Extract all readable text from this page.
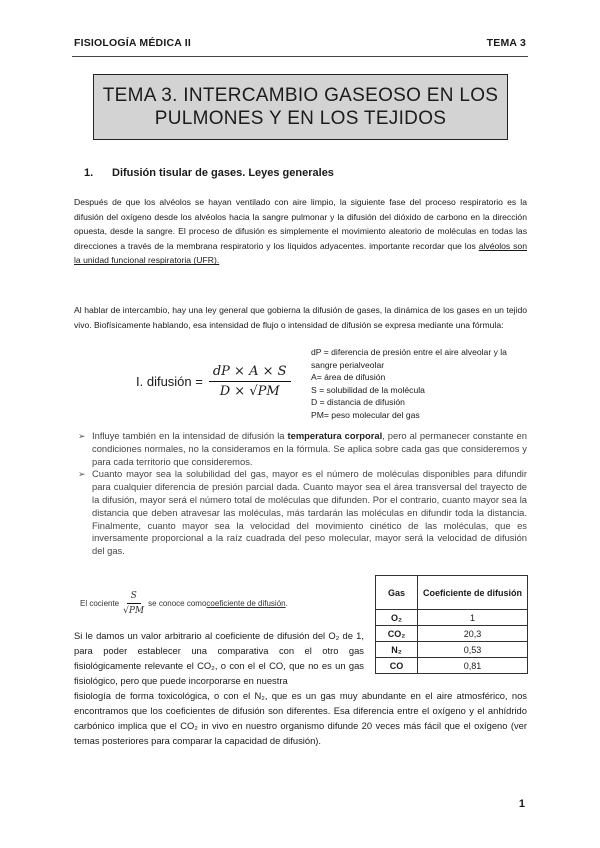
FISIOLOGÍA MÉDICA II	TEMA 3
TEMA 3. INTERCAMBIO GASEOSO EN LOS
PULMONES Y EN LOS TEJIDOS
1. Difusión tisular de gases. Leyes generales

Después de que los alvéolos se hayan ventilado con aire limpio, la siguiente fase del proceso respiratorio es la difusión del oxígeno desde los alvéolos hacia la sangre pulmonar y la difusión del dióxido de carbono en la dirección opuesta, desde la sangre. El proceso de difusión es simplemente el movimiento aleatorio de moléculas en todas las direcciones a través de la membrana respiratorio y los líquidos adyacentes. importante recordar que los alvéolos son la unidad funcional respiratoria (UFR).

Al hablar de intercambio, hay una ley general que gobierna la difusión de gases, la dinámica de los gases en un tejido vivo. Biofísicamente hablando, esa intensidad de flujo o intensidad de difusión se expresa mediante una fórmula:

I. difusión = $\frac{dP \times A \times S}{D \times √PM}$
dP = diferencia de presión entre el aire alveolar y la sangre perialveolar
A= área de difusión
S = solubilidad de la molécula
D = distancia de difusión
PM= peso molecular del gas
➢ Influye también en la intensidad de difusión la temperatura corporal, pero al permanecer constante en condiciones normales, no la consideramos en la fórmula. Se aplica sobre cada gas que consideremos y para cada territorio que consideremos.
➢ Cuanto mayor sea la solubilidad del gas, mayor es el número de moléculas disponibles para difundir para cualquier diferencia de presión parcial dada. Cuanto mayor sea el área transversal del trayecto de la difusión, mayor será el número total de moléculas que difunden. Por el contrario, cuanto mayor sea la distancia que deben atravesar las moléculas, más tardarán las moléculas en difundir toda la distancia. Finalmente, cuanto mayor sea la velocidad del movimiento cinético de las moléculas, que es inversamente proporcional a la raíz cuadrada del peso molecular, mayor será la velocidad de difusión del gas.
El cociente $\frac{S}{√PM}$ se conoce como coeficiente de difusión .
Gas	Coeficiente de difusión
O₂	1
CO₂	20,3
N₂	0,53
CO	0,81

Si le damos un valor arbitrario al coeficiente de difusión del O₂ de 1, para poder establecer una comparativa con el otro gas fisiológicamente relevante el CO₂, o con el el CO, que no es un gas fisiológico, pero que puede incorporarse en nuestra

fisiología de forma toxicológica, o con el N₂, que es un gas muy abundante en el aire atmosférico, nos encontramos que los coeficientes de difusión son diferentes. Esa diferencia entre el oxígeno y el anhídrido carbónico implica que el CO₂ in vivo en nuestro organismo difunde 20 veces más fácil que el oxígeno (ver temas posteriores para comparar la capacidad de difusión).

1
